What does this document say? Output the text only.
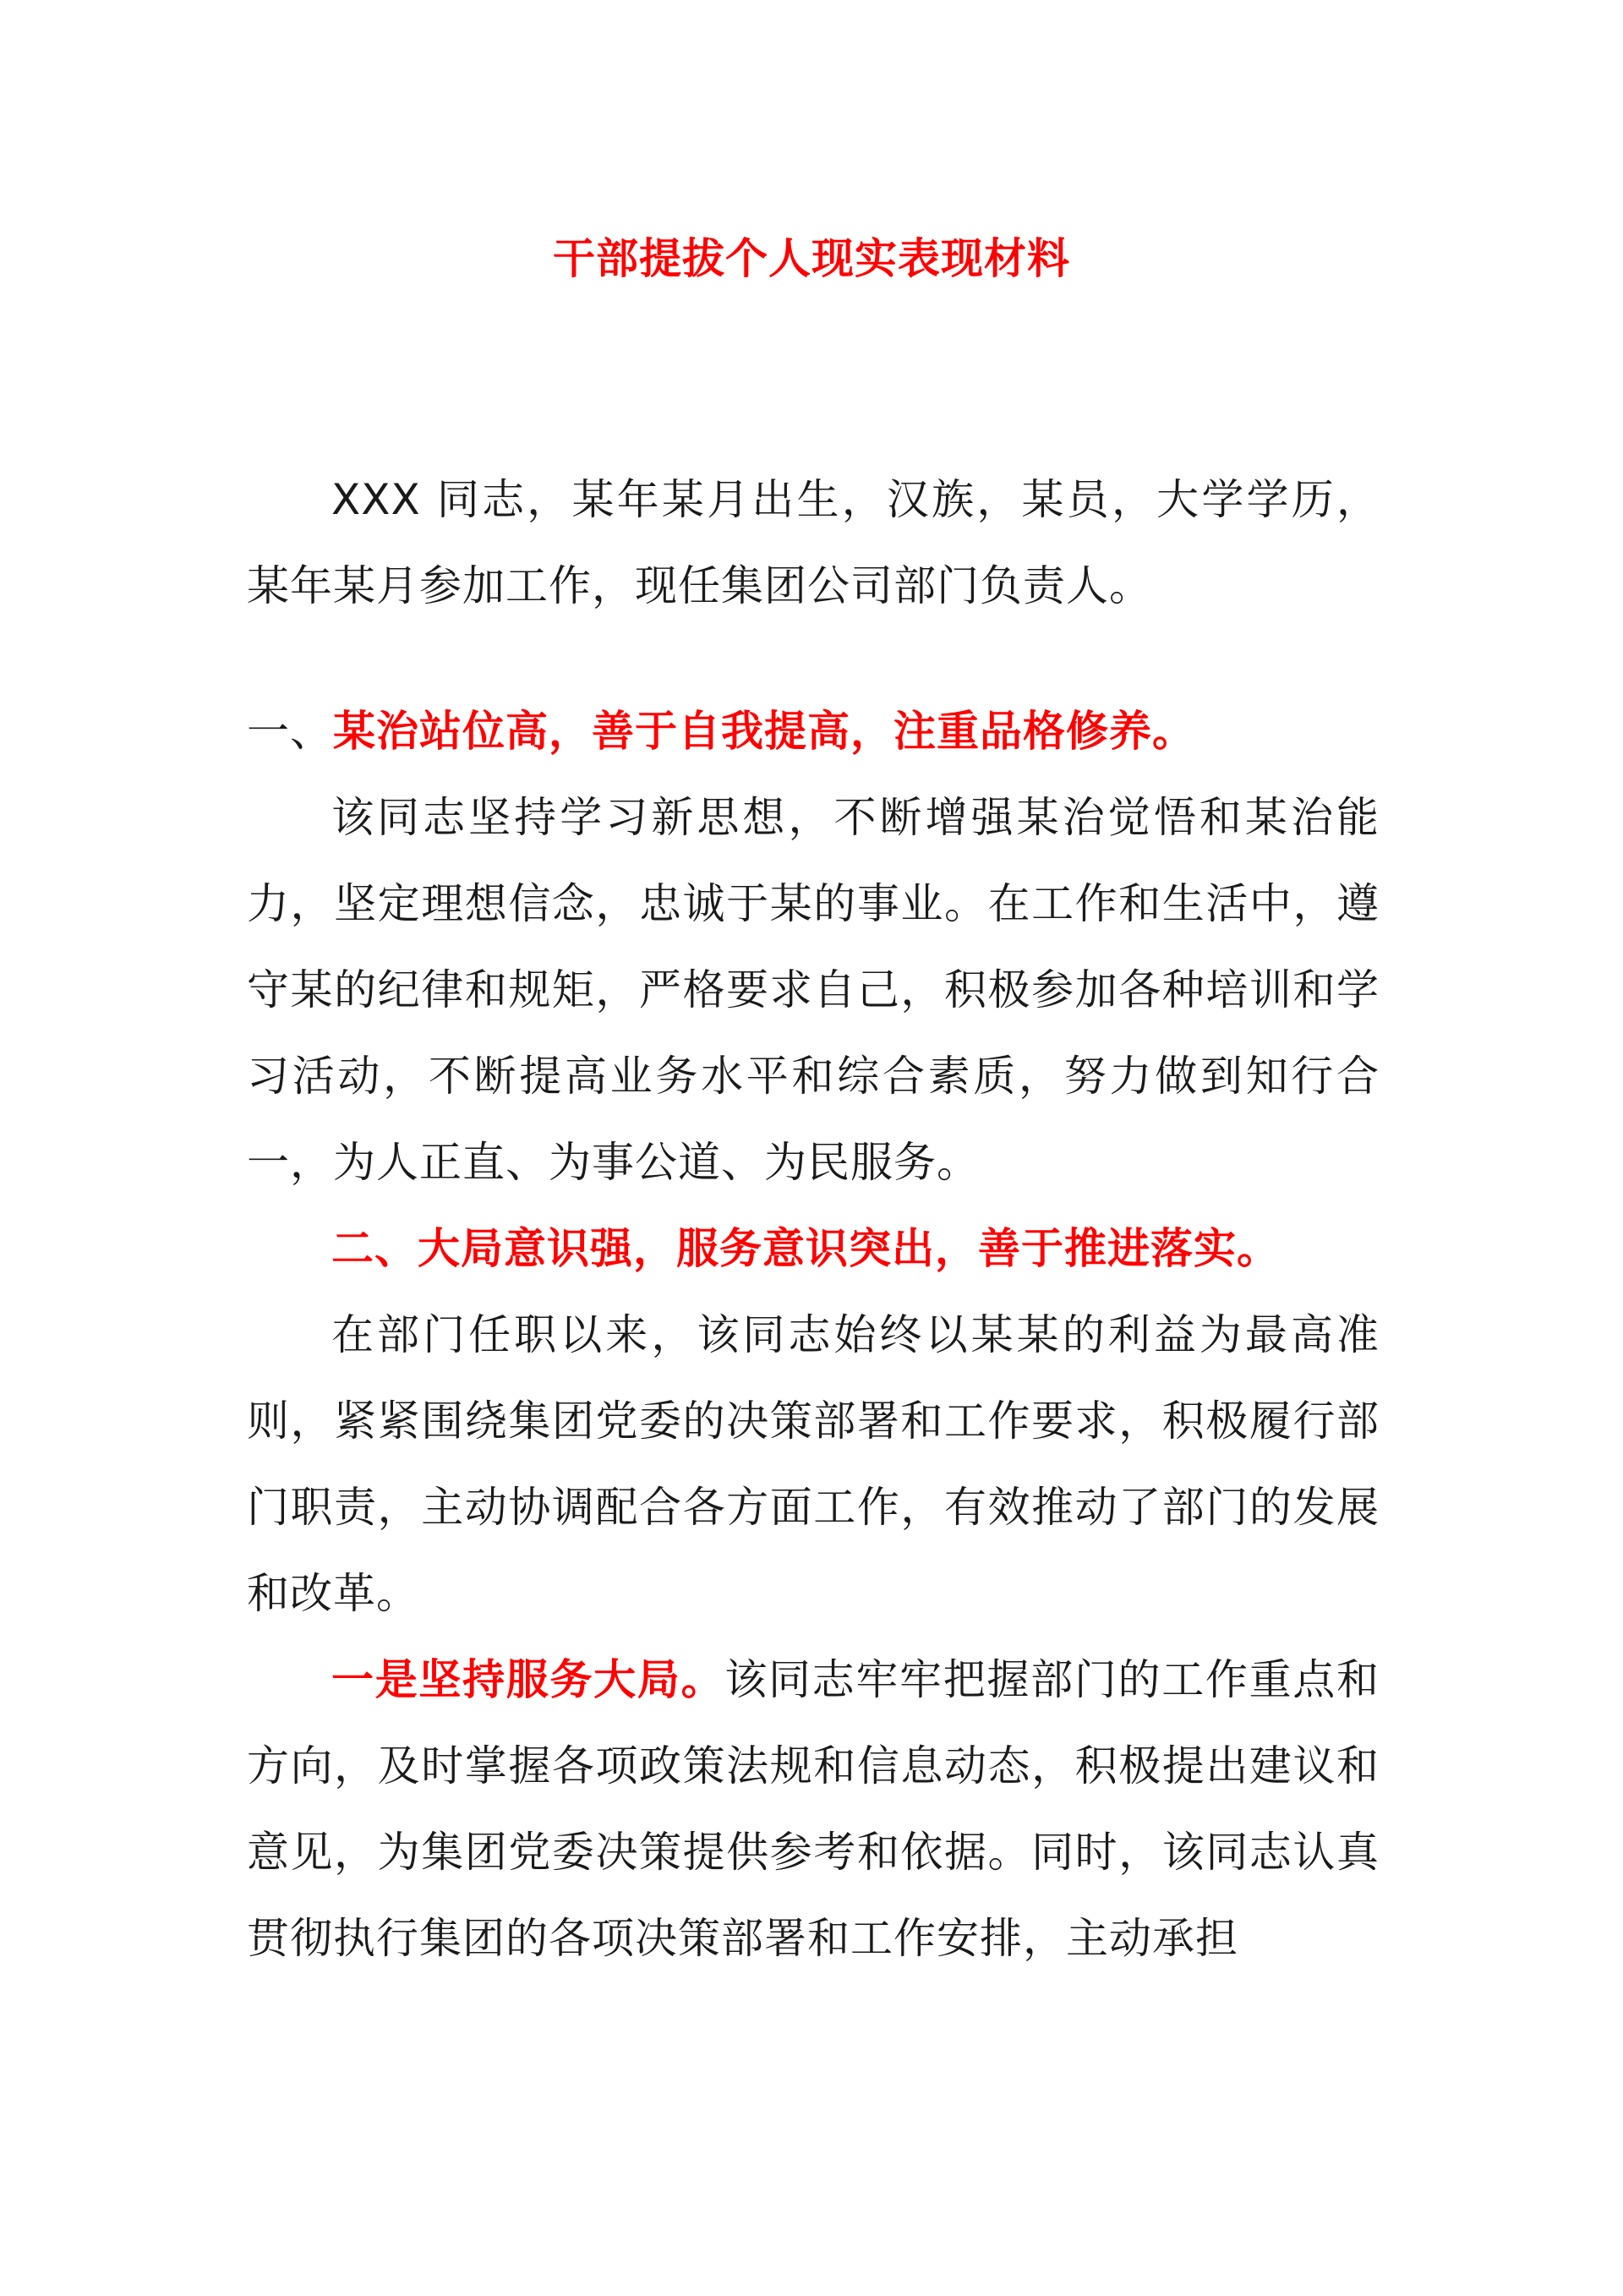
干部提拔个人现实表现材料

XXX 同志，某年某月出生，汉族，某员，大学学历，某年某月参加工作，现任集团公司部门负责人。

一、某治站位高，善于自我提高，注重品格修养。

该同志坚持学习新思想，不断增强某治觉悟和某治能力，坚定理想信念，忠诚于某的事业。在工作和生活中，遵守某的纪律和规矩，严格要求自己，积极参加各种培训和学习活动，不断提高业务水平和综合素质，努力做到知行合一，为人正直、为事公道、为民服务。

二、大局意识强，服务意识突出，善于推进落实。

在部门任职以来，该同志始终以某某的利益为最高准则，紧紧围绕集团党委的决策部署和工作要求，积极履行部门职责，主动协调配合各方面工作，有效推动了部门的发展和改革。

一是坚持服务大局。该同志牢牢把握部门的工作重点和方向，及时掌握各项政策法规和信息动态，积极提出建议和意见，为集团党委决策提供参考和依据。同时，该同志认真贯彻执行集团的各项决策部署和工作安排，主动承担
